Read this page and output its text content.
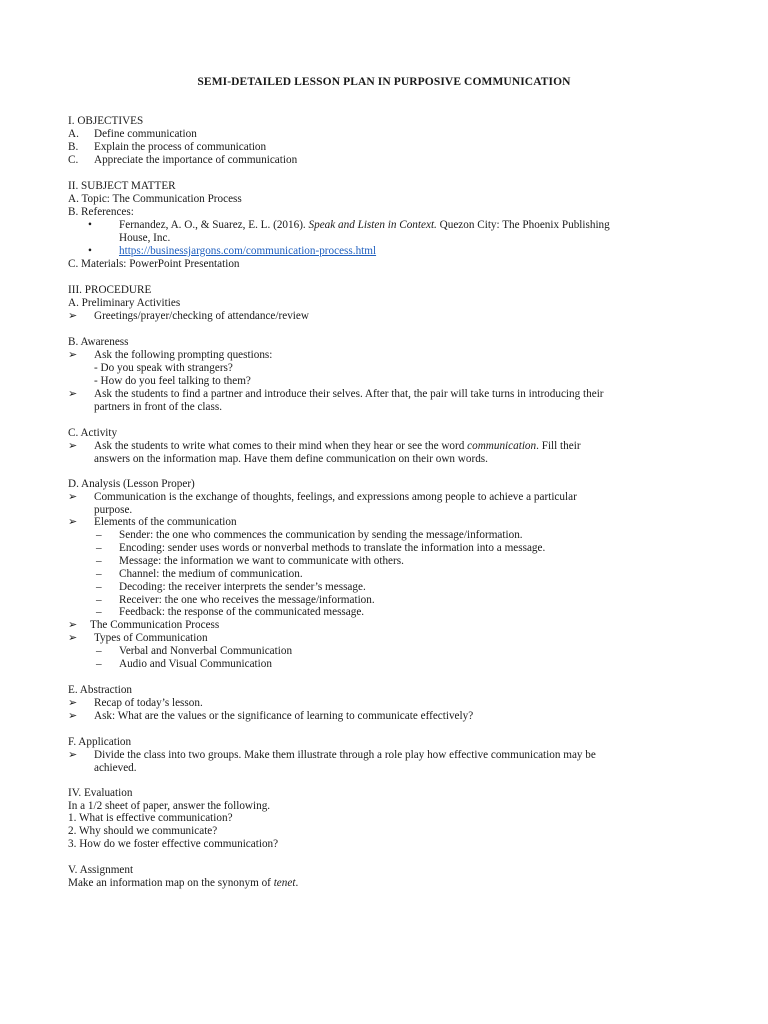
SEMI-DETAILED LESSON PLAN IN PURPOSIVE COMMUNICATION
I. OBJECTIVES
A. Define communication
B. Explain the process of communication
C. Appreciate the importance of communication
II. SUBJECT MATTER
A. Topic: The Communication Process
B. References:
• Fernandez, A. O., & Suarez, E. L. (2016). Speak and Listen in Context. Quezon City: The Phoenix Publishing
House, Inc.
• https://businessjargons.com/communication-process.html
C. Materials: PowerPoint Presentation
III. PROCEDURE
A. Preliminary Activities
➢	Greetings/prayer/checking of attendance/review
B. Awareness
➢	Ask the following prompting questions:
- Do you speak with strangers?
- How do you feel talking to them?
➢	Ask the students to find a partner and introduce their selves. After that, the pair will take turns in introducing their
partners in front of the class.
C. Activity
➢	Ask the students to write what comes to their mind when they hear or see the word communication. Fill their
answers on the information map. Have them define communication on their own words.
D. Analysis (Lesson Proper)
➢	Communication is the exchange of thoughts, feelings, and expressions among people to achieve a particular
purpose.
➢	Elements of the communication
– Sender: the one who commences the communication by sending the message/information.
– Encoding: sender uses words or nonverbal methods to translate the information into a message.
– Message: the information we want to communicate with others.
– Channel: the medium of communication.
– Decoding: the receiver interprets the sender’s message.
– Receiver: the one who receives the message/information.
– Feedback: the response of the communicated message.
➢	The Communication Process
➢	Types of Communication
– Verbal and Nonverbal Communication
– Audio and Visual Communication
E. Abstraction
➢	Recap of today’s lesson.
➢	Ask: What are the values or the significance of learning to communicate effectively?
F. Application
➢	Divide the class into two groups. Make them illustrate through a role play how effective communication may be
achieved.
IV. Evaluation
In a 1/2 sheet of paper, answer the following.
1. What is effective communication?
2. Why should we communicate?
3. How do we foster effective communication?
V. Assignment
Make an information map on the synonym of tenet.
